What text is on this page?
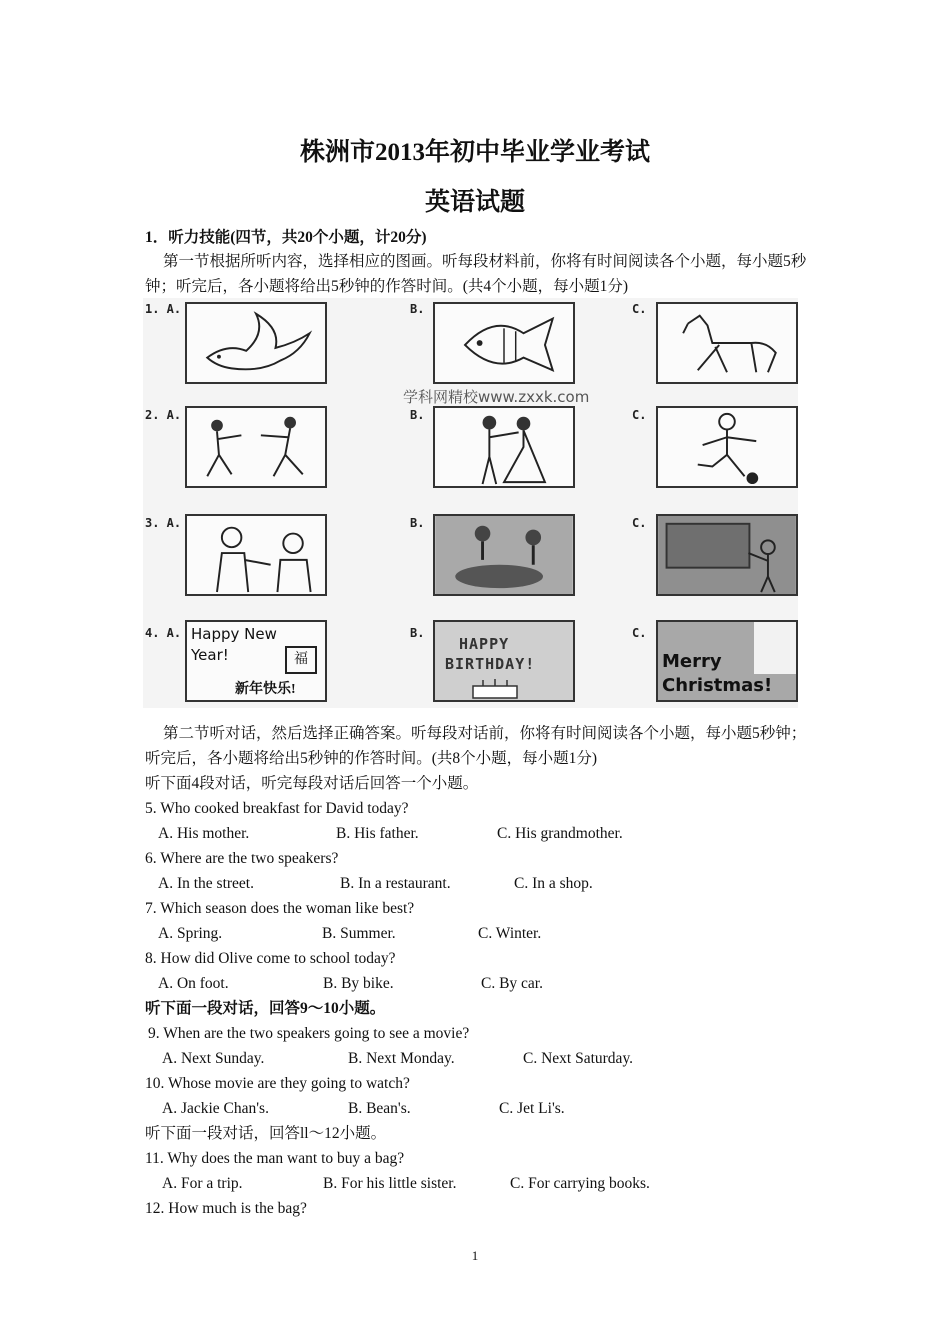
株洲市2013年初中毕业学业考试
英语试题
1．听力技能(四节，共20个小题，计20分)
第一节根据所听内容，选择相应的图画。听每段材料前，你将有时间阅读各个小题，每小题5秒钟；听完后，各小题将给出5秒钟的作答时间。(共4个小题，每小题1分)
学科网精校www.zxxk.com
1. A.	B.	C.
2. A.	B.	C.
3. A.	B.	C.
4. A. Happy New
Year!	福
新年快乐!
B.
HAPPY
BIRTHDAY!
C.
Merry
Christmas!
第二节听对话，然后选择正确答案。听每段对话前，你将有时间阅读各个小题，每小题5秒钟；听完后，各小题将给出5秒钟的作答时间。(共8个小题，每小题1分)
听下面4段对话，听完每段对话后回答一个小题。
5. Who cooked breakfast for David today?
A. His mother.	B. His father.	C. His grandmother.
6. Where are the two speakers?
A. In the street.	B. In a restaurant.	C. In a shop.
7. Which season does the woman like best?
A. Spring.	B. Summer.	C. Winter.
8. How did Olive come to school today?
A. On foot.	B. By bike.	C. By car.
听下面一段对话，回答9～10小题。
9. When are the two speakers going to see a movie?
A. Next Sunday.	B. Next Monday.	C. Next Saturday.
10. Whose movie are they going to watch?
A. Jackie Chan's.	B. Bean's.	C. Jet Li's.
听下面一段对话，回答ll～12小题。
11. Why does the man want to buy a bag?
A. For a trip.	B. For his little sister.	C. For carrying books.
12. How much is the bag?
1
